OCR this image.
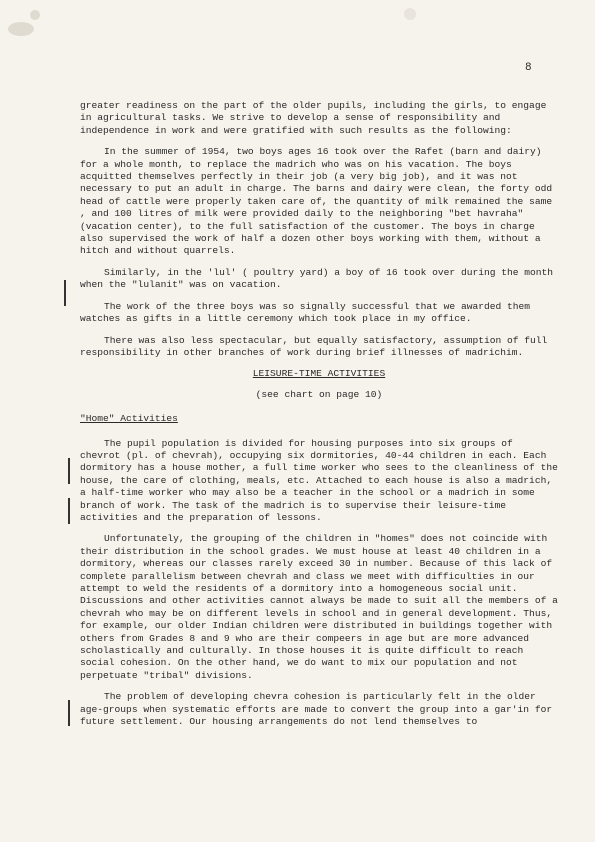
8

greater readiness on the part of the older pupils, including the girls, to engage in agricultural tasks. We strive to develop a sense of responsibility and independence in work and were gratified with such results as the following:

In the summer of 1954, two boys ages 16 took over the Rafet (barn and dairy) for a whole month, to replace the madrich who was on his vacation. The boys acquitted themselves perfectly in their job (a very big job), and it was not necessary to put an adult in charge. The barns and dairy were clean, the forty odd head of cattle were properly taken care of, the quantity of milk remained the same , and 100 litres of milk were provided daily to the neighboring "bet havraha" (vacation center), to the full satisfaction of the customer. The boys in charge also supervised the work of half a dozen other boys working with them, without a hitch and without quarrels.

Similarly, in the 'lul' ( poultry yard) a boy of 16 took over during the month when the "lulanit" was on vacation.

The work of the three boys was so signally successful that we awarded them watches as gifts in a little ceremony which took place in my office.

There was also less spectacular, but equally satisfactory, assumption of full responsibility in other branches of work during brief illnesses of madrichim.

LEISURE-TIME ACTIVITIES

(see chart on page 10)

"Home" Activities

The pupil population is divided for housing purposes into six groups of chevrot (pl. of chevrah), occupying six dormitories, 40-44 children in each. Each dormitory has a house mother, a full time worker who sees to the cleanliness of the house, the care of clothing, meals, etc. Attached to each house is also a madrich, a half-time worker who may also be a teacher in the school or a madrich in some branch of work. The task of the madrich is to supervise their leisure-time activities and the preparation of lessons.

Unfortunately, the grouping of the children in "homes" does not coincide with their distribution in the school grades. We must house at least 40 children in a dormitory, whereas our classes rarely exceed 30 in number. Because of this lack of complete parallelism between chevrah and class we meet with difficulties in our attempt to weld the residents of a dormitory into a homogeneous social unit. Discussions and other activities cannot always be made to suit all the members of a chevrah who may be on different levels in school and in general development. Thus, for example, our older Indian children were distributed in buildings together with others from Grades 8 and 9 who are their compeers in age but are more advanced scholastically and culturally. In those houses it is quite difficult to reach social cohesion. On the other hand, we do want to mix our population and not perpetuate "tribal" divisions.

The problem of developing chevra cohesion is particularly felt in the older age-groups when systematic efforts are made to convert the group into a gar'in for future settlement. Our housing arrangements do not lend themselves to
